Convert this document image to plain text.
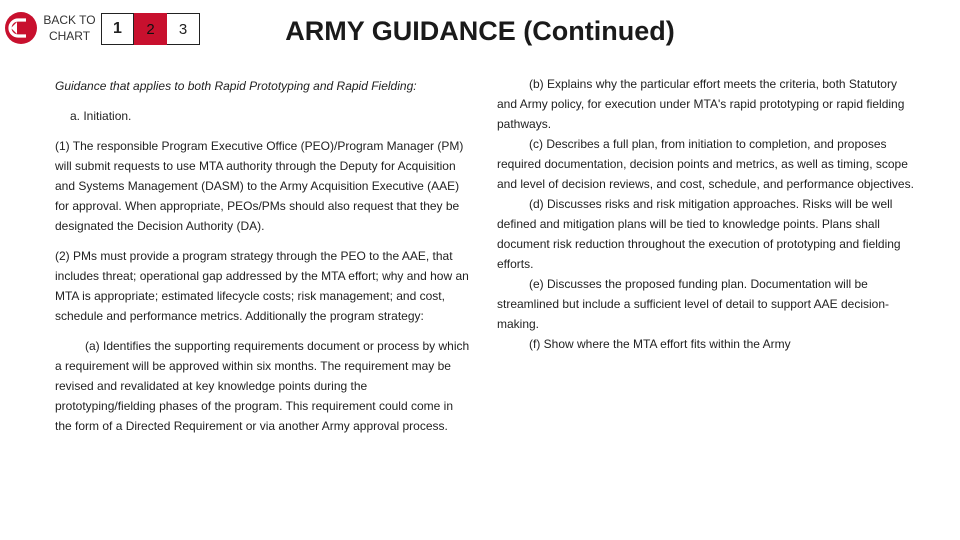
BACK TO CHART	1	2	3	ARMY GUIDANCE (Continued)

Guidance that applies to both Rapid Prototyping and Rapid Fielding:

a. Initiation.

(1) The responsible Program Executive Office (PEO)/Program Manager (PM) will submit requests to use MTA authority through the Deputy for Acquisition and Systems Management (DASM) to the Army Acquisition Executive (AAE) for approval. When appropriate, PEOs/PMs should also request that they be designated the Decision Authority (DA).

(2) PMs must provide a program strategy through the PEO to the AAE, that includes threat; operational gap addressed by the MTA effort; why and how an MTA is appropriate; estimated lifecycle costs; risk management; and cost, schedule and performance metrics. Additionally the program strategy:

(a) Identifies the supporting requirements document or process by which a requirement will be approved within six months. The requirement may be revised and revalidated at key knowledge points during the prototyping/fielding phases of the program. This requirement could come in the form of a Directed Requirement or via another Army approval process.

(b) Explains why the particular effort meets the criteria, both Statutory and Army policy, for execution under MTA's rapid prototyping or rapid fielding pathways.

(c) Describes a full plan, from initiation to completion, and proposes required documentation, decision points and metrics, as well as timing, scope and level of decision reviews, and cost, schedule, and performance objectives.

(d) Discusses risks and risk mitigation approaches. Risks will be well defined and mitigation plans will be tied to knowledge points. Plans shall document risk reduction throughout the execution of prototyping and fielding efforts.

(e) Discusses the proposed funding plan. Documentation will be streamlined but include a sufficient level of detail to support AAE decision-making.

(f) Show where the MTA effort fits within the Army
